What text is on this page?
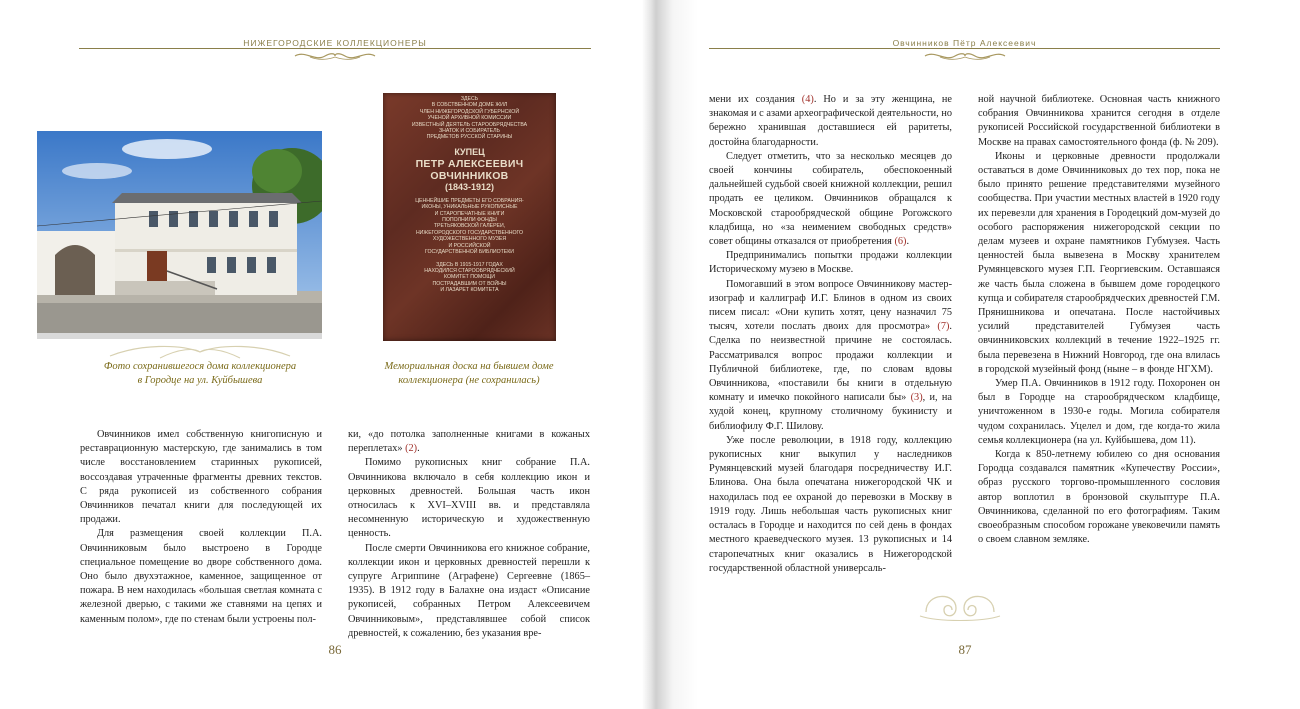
НИЖЕГОРОДСКИЕ КОЛЛЕКЦИОНЕРЫ
ЗДЕСЬ
В СОБСТВЕННОМ ДОМЕ ЖИЛ
ЧЛЕН НИЖЕГОРОДСКОЙ ГУБЕРНСКОЙ
УЧЕНОЙ АРХИВНОЙ КОМИССИИ
ИЗВЕСТНЫЙ ДЕЯТЕЛЬ СТАРООБРЯДЧЕСТВА
ЗНАТОК И СОБИРАТЕЛЬ
ПРЕДМЕТОВ РУССКОЙ СТАРИНЫ
КУПЕЦ
ПЕТР АЛЕКСЕЕВИЧ
ОВЧИННИКОВ
(1843-1912)
ЦЕННЕЙШИЕ ПРЕДМЕТЫ ЕГО СОБРАНИЯ-
ИКОНЫ, УНИКАЛЬНЫЕ РУКОПИСНЫЕ
И СТАРОПЕЧАТНЫЕ КНИГИ
ПОПОЛНИЛИ ФОНДЫ
ТРЕТЬЯКОВСКОЙ ГАЛЕРЕИ,
НИЖЕГОРОДСКОГО ГОСУДАРСТВЕННОГО
ХУДОЖЕСТВЕННОГО МУЗЕЯ
И РОССИЙСКОЙ
ГОСУДАРСТВЕННОЙ БИБЛИОТЕКИ
ЗДЕСЬ В 1915-1917 ГОДАХ
НАХОДИЛСЯ СТАРООБРЯДЧЕСКИЙ
КОМИТЕТ ПОМОЩИ
ПОСТРАДАВШИМ ОТ ВОЙНЫ
И ЛАЗАРЕТ КОМИТЕТА
Фото сохранившегося дома коллекционера
в Городце на ул. Куйбышева
Мемориальная доска на бывшем доме
коллекционера (не сохранилась)

Овчинников имел собственную книгописную и реставрационную мастерскую, где занимались в том числе восстановлением старинных рукописей, воссоздавая утраченные фрагменты древних текстов. С ряда рукописей из собственного собрания Овчинников печатал книги для последующей их продажи.

Для размещения своей коллекции П.А. Овчинниковым было выстроено в Городце специальное помещение во дворе собственного дома. Оно было двухэтажное, каменное, защищенное от пожара. В нем находилась «большая светлая комната с железной дверью, с такими же ставнями на цепях и каменным полом», где по стенам были устроены пол-

ки, «до потолка заполненные книгами в кожаных переплетах» (2).

Помимо рукописных книг собрание П.А. Овчинникова включало в себя коллекцию икон и церковных древностей. Большая часть икон относилась к XVI–XVIII вв. и представляла несомненную историческую и художественную ценность.

После смерти Овчинникова его книжное собрание, коллекции икон и церковных древностей перешли к супруге Агриппине (Аграфене) Сергеевне (1865–1935). В 1912 году в Балахне она издаст «Описание рукописей, собранных Петром Алексеевичем Овчинниковым», представлявшее собой список древностей, к сожалению, без указания вре-

86
Овчинников Пётр Алексеевич

мени их создания (4). Но и за эту женщина, не знакомая и с азами археографической деятельности, но бережно хранившая доставшиеся ей раритеты, достойна благодарности.

Следует отметить, что за несколько месяцев до своей кончины собиратель, обеспокоенный дальнейшей судьбой своей книжной коллекции, решил продать ее целиком. Овчинников обращался к Московской старообрядческой общине Рогожского кладбища, но «за неимением свободных средств» совет общины отказался от приобретения (6).

Предпринимались попытки продажи коллекции Историческому музею в Москве.

Помогавший в этом вопросе Овчинникову мастер-изограф и каллиграф И.Г. Блинов в одном из своих писем писал: «Они купить хотят, цену назначил 75 тысяч, хотели послать двоих для просмотра» (7). Сделка по неизвестной причине не состоялась. Рассматривался вопрос продажи коллекции и Публичной библиотеке, где, по словам вдовы Овчинникова, «поставили бы книги в отдельную комнату и имечко покойного написали бы» (3), и, на худой конец, крупному столичному букинисту и библиофилу Ф.Г. Шилову.

Уже после революции, в 1918 году, коллекцию рукописных книг выкупил у наследников Румянцевский музей благодаря посредничеству И.Г. Блинова. Она была опечатана нижегородской ЧК и находилась под ее охраной до перевозки в Москву в 1919 году. Лишь небольшая часть рукописных книг осталась в Городце и находится по сей день в фондах местного краеведческого музея. 13 рукописных и 14 старопечатных книг оказались в Нижегородской государственной областной универсаль-

ной научной библиотеке. Основная часть книжного собрания Овчинникова хранится сегодня в отделе рукописей Российской государственной библиотеки в Москве на правах самостоятельного фонда (ф. № 209).

Иконы и церковные древности продолжали оставаться в доме Овчинниковых до тех пор, пока не было принято решение представителями музейного сообщества. При участии местных властей в 1920 году их перевезли для хранения в Городецкий дом-музей до особого распоряжения нижегородской секции по делам музеев и охране памятников Губмузея. Часть ценностей была вывезена в Москву хранителем Румянцевского музея Г.П. Георгиевским. Оставшаяся же часть была сложена в бывшем доме городецкого купца и собирателя старообрядческих древностей Г.М. Прянишникова и опечатана. После настойчивых усилий представителей Губмузея часть овчинниковских коллекций в течение 1922–1925 гг. была перевезена в Нижний Новгород, где она влилась в городской музейный фонд (ныне – в фонде НГХМ).

Умер П.А. Овчинников в 1912 году. Похоронен он был в Городце на старообрядческом кладбище, уничтоженном в 1930-е годы. Могила собирателя чудом сохранилась. Уцелел и дом, где когда-то жила семья коллекционера (на ул. Куйбышева, дом 11).

Когда к 850-летнему юбилею со дня основания Городца создавался памятник «Купечеству России», образ русского торгово-промышленного сословия автор воплотил в бронзовой скульптуре П.А. Овчинникова, сделанной по его фотографиям. Таким своеобразным способом горожане увековечили память о своем славном земляке.

87
